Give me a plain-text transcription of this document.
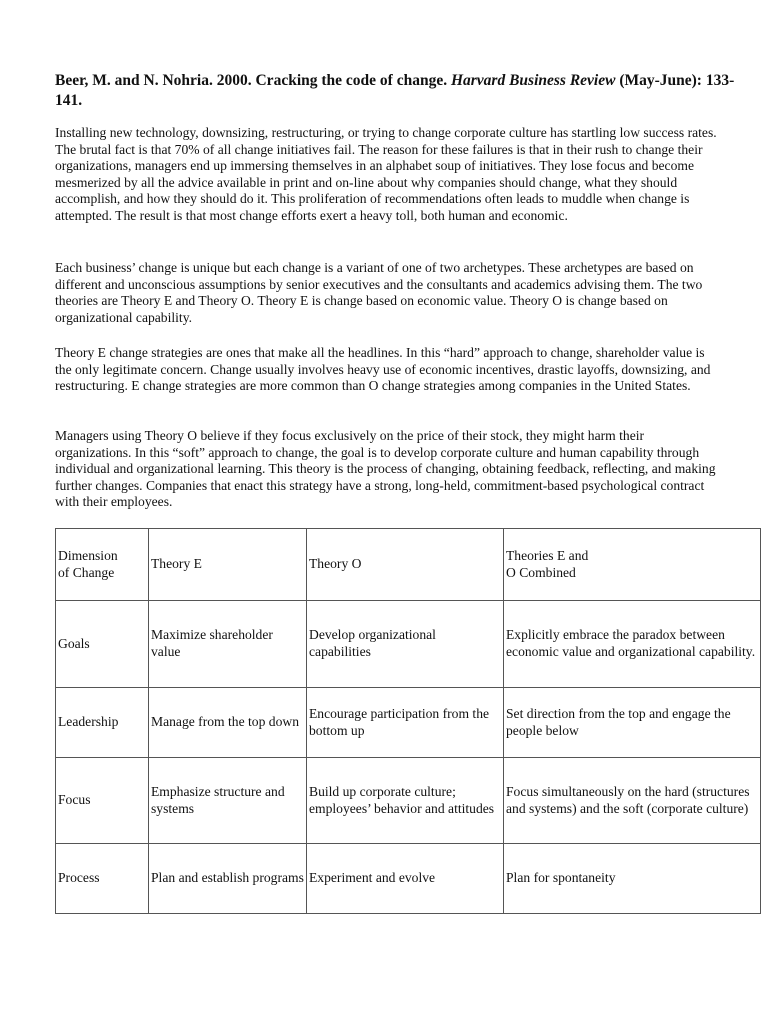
Beer, M. and N. Nohria. 2000. Cracking the code of change. Harvard Business Review (May-June): 133-141.

Installing new technology, downsizing, restructuring, or trying to change corporate culture has startling low success rates. The brutal fact is that 70% of all change initiatives fail. The reason for these failures is that in their rush to change their organizations, managers end up immersing themselves in an alphabet soup of initiatives. They lose focus and become mesmerized by all the advice available in print and on-line about why companies should change, what they should accomplish, and how they should do it. This proliferation of recommendations often leads to muddle when change is attempted. The result is that most change efforts exert a heavy toll, both human and economic.

Each business’ change is unique but each change is a variant of one of two archetypes. These archetypes are based on different and unconscious assumptions by senior executives and the consultants and academics advising them. The two theories are Theory E and Theory O. Theory E is change based on economic value. Theory O is change based on organizational capability.

Theory E change strategies are ones that make all the headlines. In this “hard” approach to change, shareholder value is the only legitimate concern. Change usually involves heavy use of economic incentives, drastic layoffs, downsizing, and restructuring. E change strategies are more common than O change strategies among companies in the United States.

Managers using Theory O believe if they focus exclusively on the price of their stock, they might harm their organizations. In this “soft” approach to change, the goal is to develop corporate culture and human capability through individual and organizational learning. This theory is the process of changing, obtaining feedback, reflecting, and making further changes. Companies that enact this strategy have a strong, long-held, commitment-based psychological contract with their employees.

Dimension
of Change	Theory E	Theory O	Theories E and
O Combined
Goals	Maximize shareholder value	Develop organizational capabilities	Explicitly embrace the paradox between economic value and organizational capability.
Leadership	Manage from the top down	Encourage participation from the bottom up	Set direction from the top and engage the people below
Focus	Emphasize structure and systems	Build up corporate culture; employees’ behavior and attitudes	Focus simultaneously on the hard (structures and systems) and the soft (corporate culture)
Process	Plan and establish programs	Experiment and evolve	Plan for spontaneity
